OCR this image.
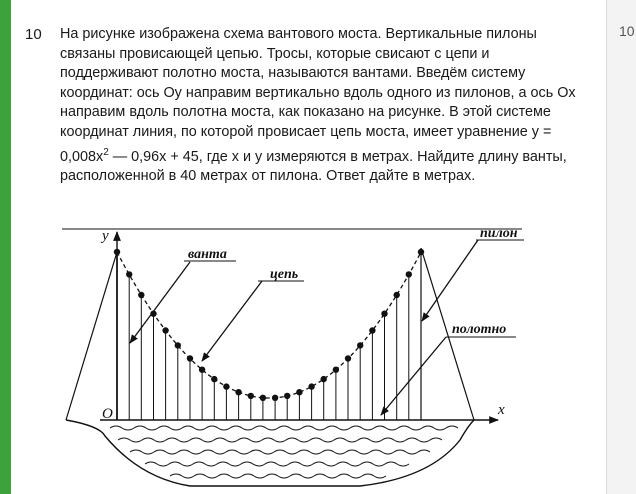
10 На рисунке изображена схема вантового моста. Вертикальные пилоны связаны провисающей цепью. Тросы, которые свисают с цепи и поддерживают полотно моста, называются вантами. Введём систему координат: ось Oy направим вертикально вдоль одного из пилонов, а ось Ox направим вдоль полотна моста, как показано на рисунке. В этой системе координат линия, по которой провисает цепь моста, имеет уравнение $y = 0,008x^2$ — 0,96x + 45, где x и y измеряются в метрах. Найдите длину ванты, расположенной в 40 метрах от пилона. Ответ дайте в метрах.
10
ванта
цепь
пилон
полотно
y
x
O
